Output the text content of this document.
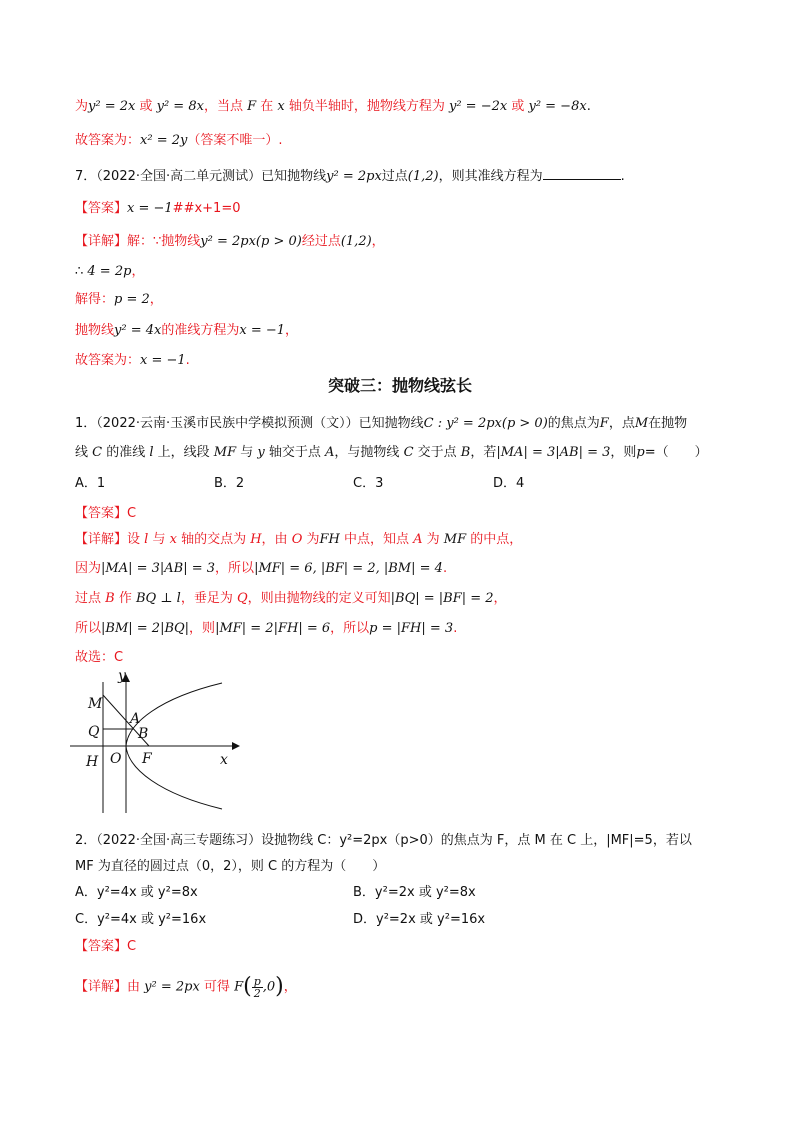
为y² = 2x 或 y² = 8x，当点 F 在 x 轴负半轴时，抛物线方程为 y² = −2x 或 y² = −8x.
故答案为：x² = 2y（答案不唯一）.
7．（2022·全国·高二单元测试）已知抛物线y² = 2px过点(1,2)，则其准线方程为	.
【答案】x = −1##x+1=0
【详解】解：∵抛物线y² = 2px(p > 0)经过点(1,2)，
∴ 4 = 2p，
解得：p = 2，
抛物线y² = 4x的准线方程为x = −1，
故答案为：x = −1.
突破三：抛物线弦长
1．（2022·云南·玉溪市民族中学模拟预测（文））已知抛物线C : y² = 2px(p > 0)的焦点为F，点M在抛物
线 C 的准线 l 上，线段 MF 与 y 轴交于点 A，与抛物线 C 交于点 B，若|MA| = 3|AB| = 3，则p=（　　）
A．1	B．2	C．3	D．4
【答案】C
【详解】设 l 与 x 轴的交点为 H，由 O 为FH 中点，知点 A 为 MF 的中点，
因为|MA| = 3|AB| = 3，所以|MF| = 6, |BF| = 2, |BM| = 4.
过点 B 作 BQ ⊥ l，垂足为 Q，则由抛物线的定义可知|BQ| = |BF| = 2，
所以|BM| = 2|BQ|，则|MF| = 2|FH| = 6，所以p = |FH| = 3.
故选：C
y
M
A
Q	B
H O F	x
2．（2022·全国·高三专题练习）设抛物线 C：y²=2px（p>0）的焦点为 F，点 M 在 C 上，|MF|=5，若以
MF 为直径的圆过点（0，2），则 C 的方程为（　　）
A．y²=4x 或 y²=8x	B．y²=2x 或 y²=8x
C．y²=4x 或 y²=16x	D．y²=2x 或 y²=16x
【答案】C
【详解】由 y² = 2px 可得 $F( \frac{p}{2} ,0)$，
